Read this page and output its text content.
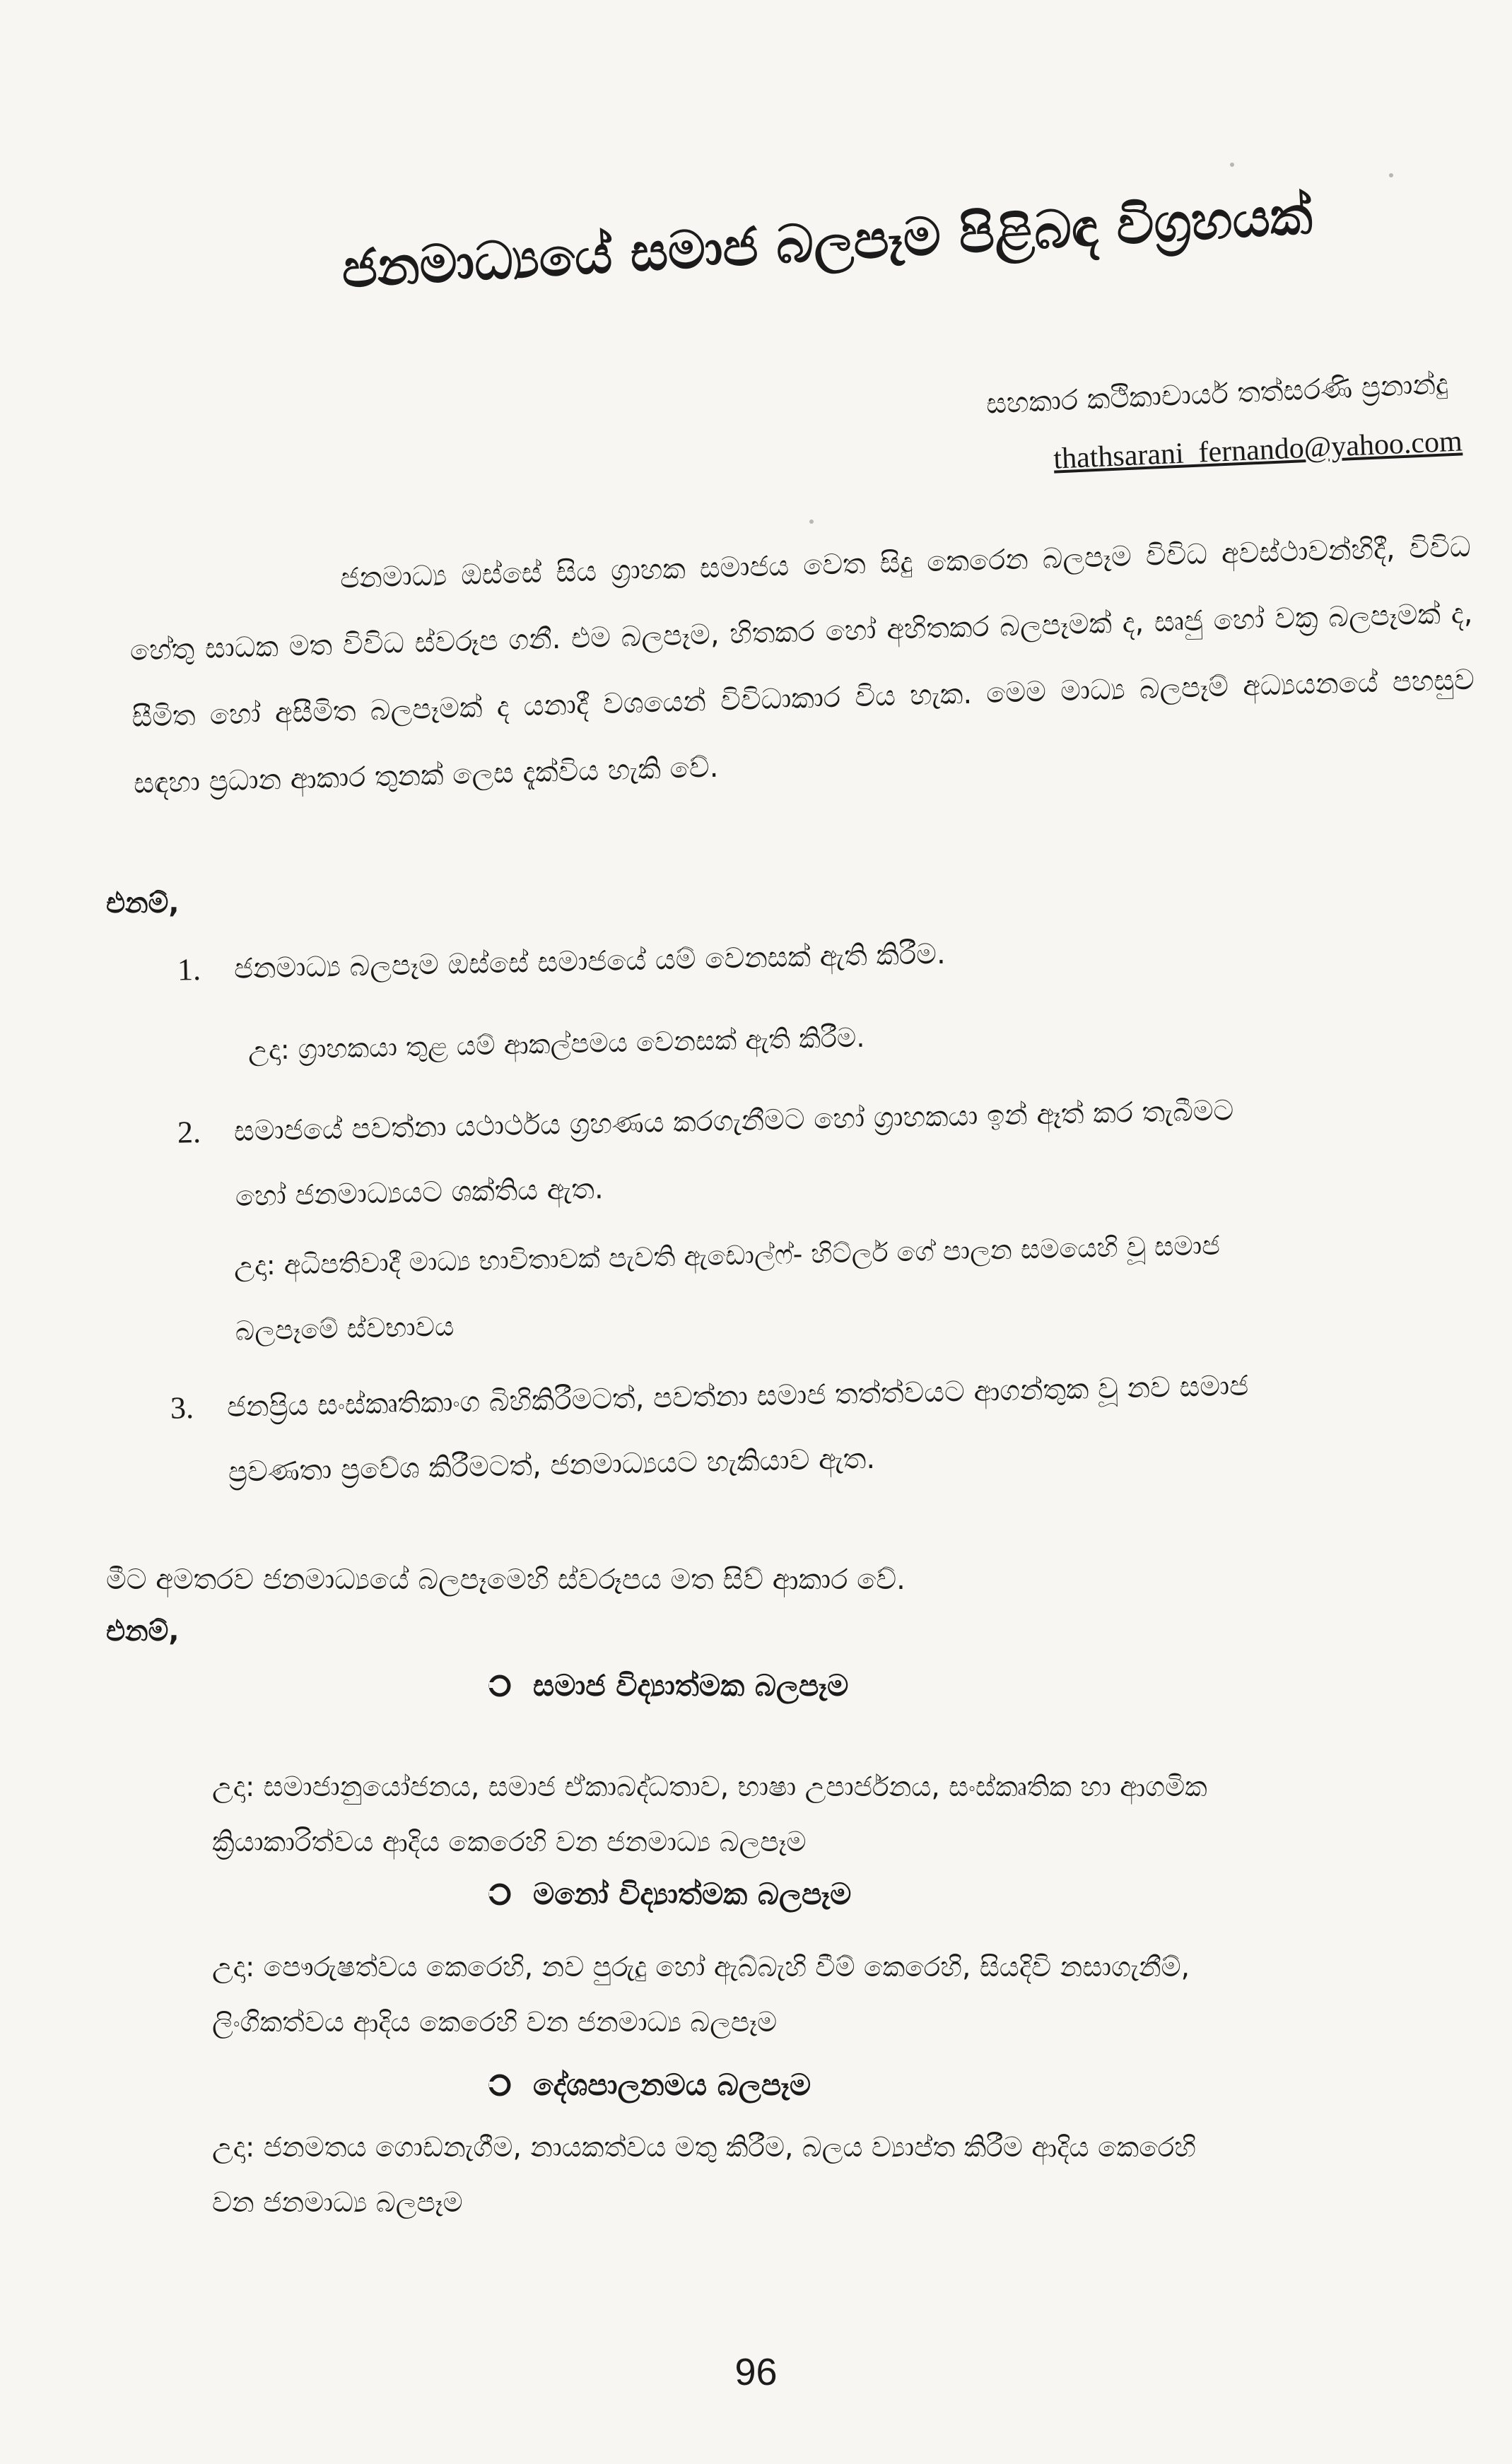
ජනමාධ්‍යයේ සමාජ බලපෑම පිළිබඳ විග්‍රහයක්
සහකාර කථිකාචාර්ය තත්සරණි ප්‍රනාන්දු
thathsarani_fernando@yahoo.com

ජනමාධ්‍ය ඔස්සේ සිය ග්‍රාහක සමාජය වෙත සිදු කෙරෙන බලපෑම විවිධ අවස්ථාවන්හිදී, විවිධ හේතු සාධක මත විවිධ ස්වරූප ගනී. එම බලපෑම, හිතකර හෝ අහිතකර බලපෑමක් ද, සෘජු හෝ වක්‍ර බලපෑමක් ද, සීමිත හෝ අසීමිත බලපෑමක් ද යනාදී වශයෙන් විවිධාකාර විය හැක. මෙම මාධ්‍ය බලපෑම් අධ්‍යයනයේ පහසුව සඳහා ප්‍රධාන ආකාර තුනක් ලෙස දැක්විය හැකි වේ.

එනම්,
1. ජනමාධ්‍ය බලපෑම ඔස්සේ සමාජයේ යම් වෙනසක් ඇති කිරීම.
උදා: ග්‍රාහකයා තුළ යම් ආකල්පමය වෙනසක් ඇති කිරීම.
2. සමාජයේ පවත්නා යථාර්ථය ග්‍රහණය කරගැනීමට හෝ ග්‍රාහකයා ඉන් ඈත් කර තැබීමට
හෝ ජනමාධ්‍යයට ශක්තිය ඇත.
උදා: අධිපතිවාදී මාධ්‍ය භාවිතාවක් පැවති ඇඩොල්ෆ්- හිට්ලර් ගේ පාලන සමයෙහි වූ සමාජ
බලපෑමේ ස්වභාවය
3. ජනප්‍රිය සංස්කෘතිකාංග බිහිකිරීමටත්, පවත්නා සමාජ තත්ත්වයට ආගන්තුක වූ නව සමාජ
ප්‍රවණතා ප්‍රවේශ කිරීමටත්, ජනමාධ්‍යයට හැකියාව ඇත.
මීට අමතරව ජනමාධ්‍යයේ බලපෑමෙහි ස්වරූපය මත සිව් ආකාර වේ.
එනම්,
සමාජ විද්‍යාත්මක බලපෑම
උදා: සමාජානුයෝජනය, සමාජ ඒකාබද්ධතාව, භාෂා උපාර්ජනය, සංස්කෘතික හා ආගමික
ක්‍රියාකාරිත්වය ආදිය කෙරෙහි වන ජනමාධ්‍ය බලපෑම
මනෝ විද්‍යාත්මක බලපෑම
උදා: පෞරුෂත්වය කෙරෙහි, නව පුරුදු හෝ ඇබ්බැහි වීම් කෙරෙහි, සියදිවි නසාගැනීම්,
ලිංගිකත්වය ආදිය කෙරෙහි වන ජනමාධ්‍ය බලපෑම
දේශපාලනමය බලපෑම
උදා: ජනමතය ගොඩනැගීම, නායකත්වය මතු කිරීම, බලය ව්‍යාප්ත කිරීම ආදිය කෙරෙහි
වන ජනමාධ්‍ය බලපෑම
96
